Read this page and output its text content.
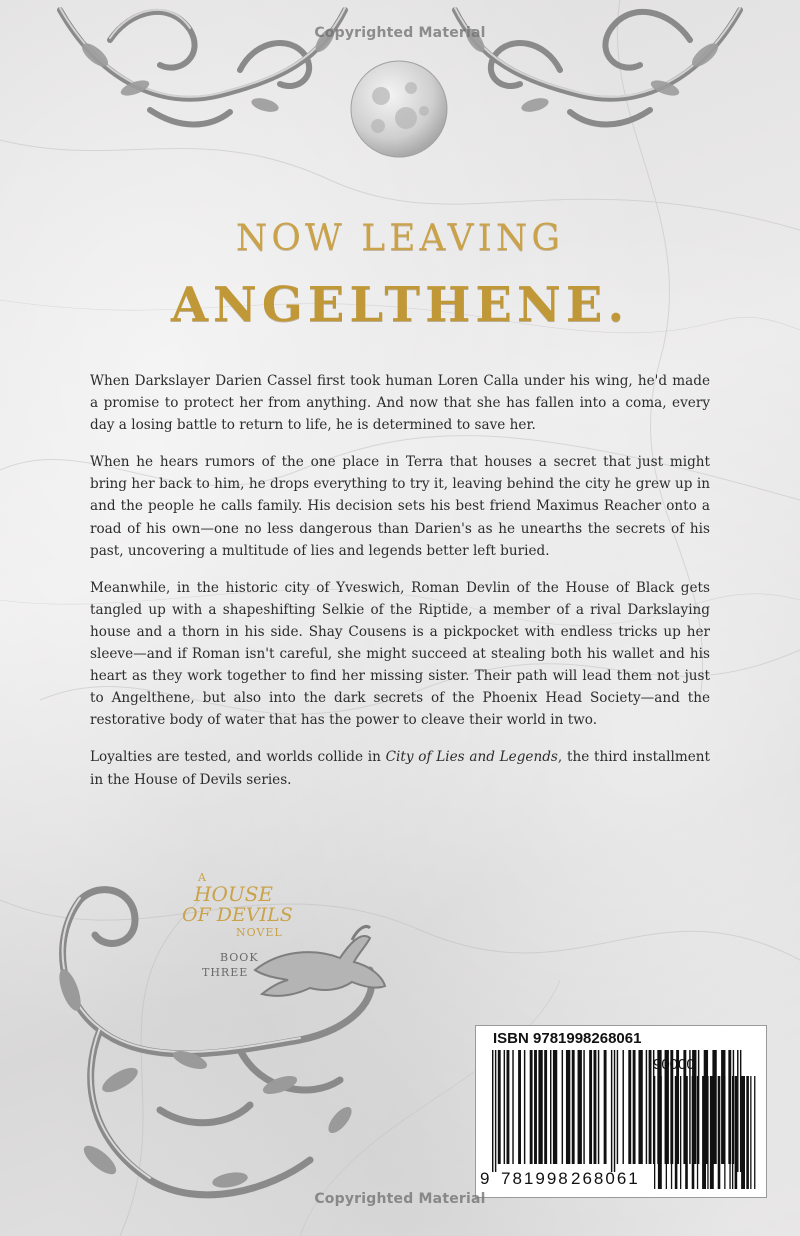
Copyrighted Material
NOW LEAVING
ANGELTHENE.

When Darkslayer Darien Cassel first took human Loren Calla under his wing, he'd made a promise to protect her from anything. And now that she has fallen into a coma, every day a losing battle to return to life, he is determined to save her.

When he hears rumors of the one place in Terra that houses a secret that just might bring her back to him, he drops everything to try it, leaving behind the city he grew up in and the people he calls family. His decision sets his best friend Maximus Reacher onto a road of his own—one no less dangerous than Darien's as he unearths the secrets of his past, uncovering a multitude of lies and legends better left buried.

Meanwhile, in the historic city of Yveswich, Roman Devlin of the House of Black gets tangled up with a shapeshifting Selkie of the Riptide, a member of a rival Darkslaying house and a thorn in his side. Shay Cousens is a pickpocket with endless tricks up her sleeve—and if Roman isn't careful, she might succeed at stealing both his wallet and his heart as they work together to find her missing sister. Their path will lead them not just to Angelthene, but also into the dark secrets of the Phoenix Head Society—and the restorative body of water that has the power to cleave their world in two.

Loyalties are tested, and worlds collide in City of Lies and Legends, the third installment in the House of Devils series.

A
HOUSE
OF DEVILS
NOVEL
BOOK
THREE
ISBN 9781998268061
90000
9 781998 268061
Copyrighted Material
